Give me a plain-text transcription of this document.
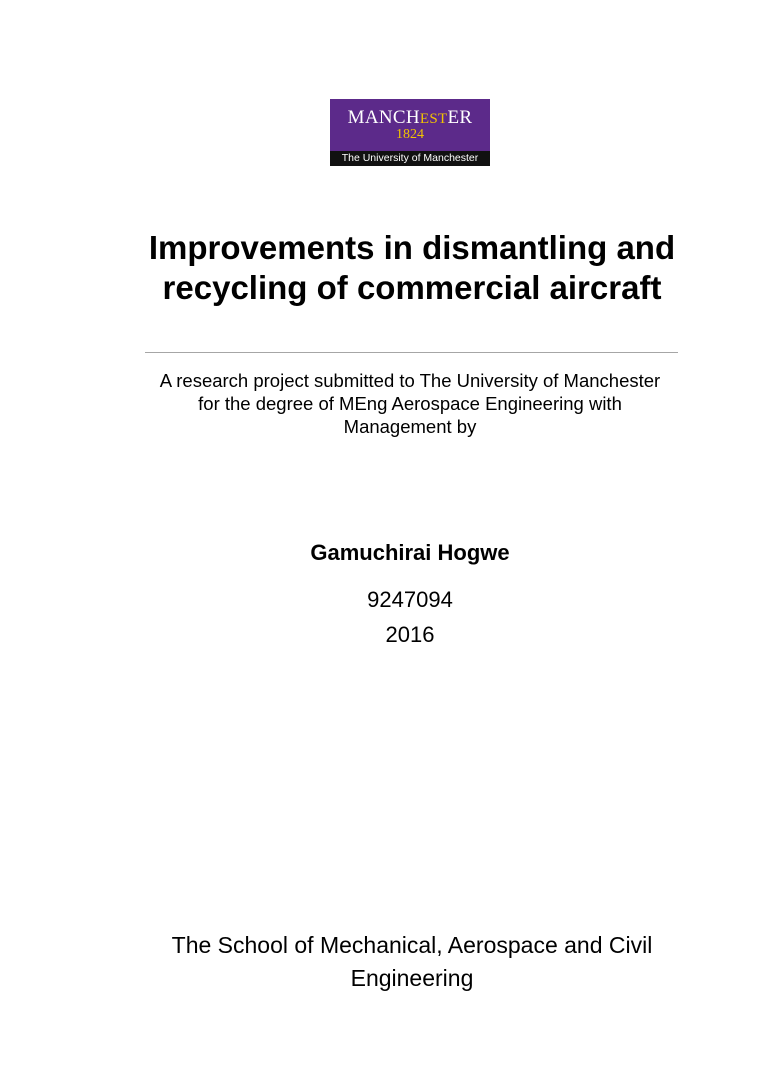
MANCHESTER
1824
The University of Manchester
Improvements in dismantling and recycling of commercial aircraft

A research project submitted to The University of Manchester for the degree of MEng Aerospace Engineering with Management by

Gamuchirai Hogwe
9247094
2016
The School of Mechanical, Aerospace and Civil Engineering
